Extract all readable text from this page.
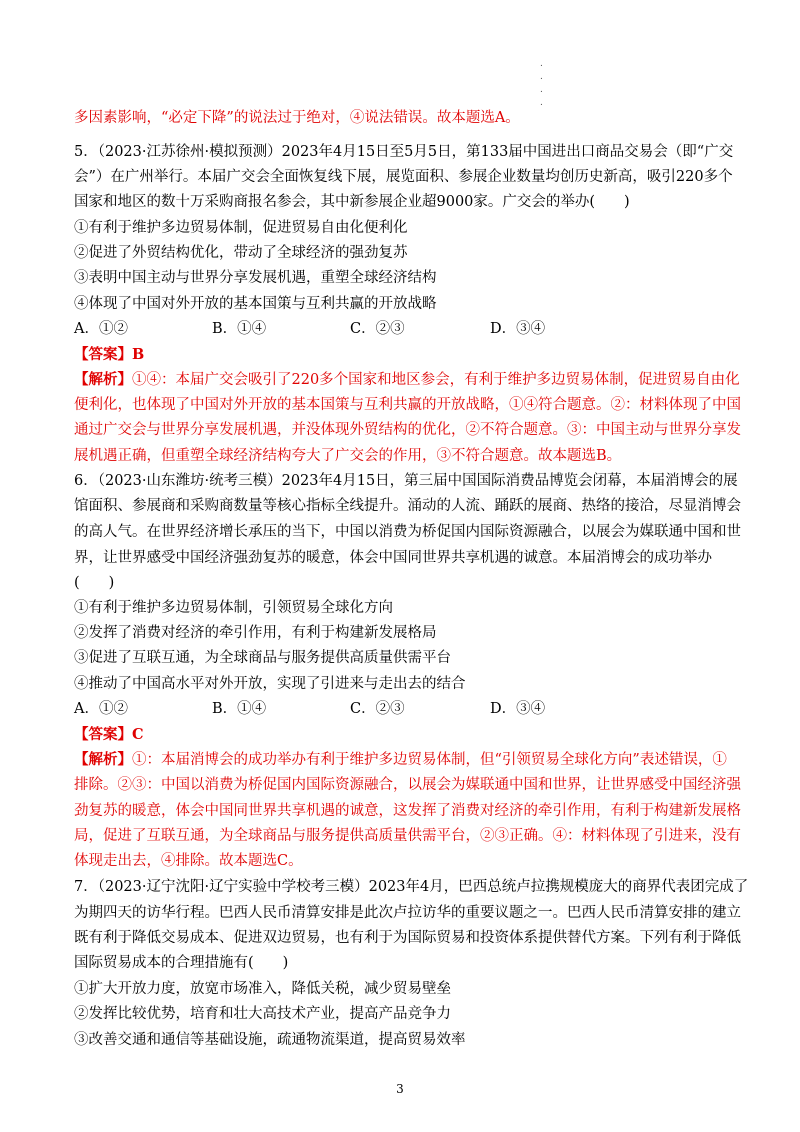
.
.
.
.
多因素影响，“必定下降”的说法过于绝对，④说法错误。故本题选A。
5．（2023·江苏徐州·模拟预测）2023年4月15日至5月5日，第133届中国进出口商品交易会（即“广交
会”）在广州举行。本届广交会全面恢复线下展，展览面积、参展企业数量均创历史新高，吸引220多个
国家和地区的数十万采购商报名参会，其中新参展企业超9000家。广交会的举办(　　)
①有利于维护多边贸易体制，促进贸易自由化便利化
②促进了外贸结构优化，带动了全球经济的强劲复苏
③表明中国主动与世界分享发展机遇，重塑全球经济结构
④体现了中国对外开放的基本国策与互利共赢的开放战略
A．①②	B．①④	C．②③	D．③④
【答案】B
【解析】①④：本届广交会吸引了220多个国家和地区参会，有利于维护多边贸易体制，促进贸易自由化
便利化，也体现了中国对外开放的基本国策与互利共赢的开放战略，①④符合题意。②：材料体现了中国
通过广交会与世界分享发展机遇，并没体现外贸结构的优化，②不符合题意。③：中国主动与世界分享发
展机遇正确，但重塑全球经济结构夸大了广交会的作用，③不符合题意。故本题选B。
6．（2023·山东潍坊·统考三模）2023年4月15日，第三届中国国际消费品博览会闭幕，本届消博会的展
馆面积、参展商和采购商数量等核心指标全线提升。涌动的人流、踊跃的展商、热络的接洽，尽显消博会
的高人气。在世界经济增长承压的当下，中国以消费为桥促国内国际资源融合，以展会为媒联通中国和世
界，让世界感受中国经济强劲复苏的暖意，体会中国同世界共享机遇的诚意。本届消博会的成功举办
(　　)
①有利于维护多边贸易体制，引领贸易全球化方向
②发挥了消费对经济的牵引作用，有利于构建新发展格局
③促进了互联互通，为全球商品与服务提供高质量供需平台
④推动了中国高水平对外开放，实现了引进来与走出去的结合
A．①②	B．①④	C．②③	D．③④
【答案】C
【解析】①：本届消博会的成功举办有利于维护多边贸易体制，但“引领贸易全球化方向”表述错误，①
排除。②③：中国以消费为桥促国内国际资源融合，以展会为媒联通中国和世界，让世界感受中国经济强
劲复苏的暖意，体会中国同世界共享机遇的诚意，这发挥了消费对经济的牵引作用，有利于构建新发展格
局，促进了互联互通，为全球商品与服务提供高质量供需平台，②③正确。④：材料体现了引进来，没有
体现走出去，④排除。故本题选C。
7．（2023·辽宁沈阳·辽宁实验中学校考三模）2023年4月，巴西总统卢拉携规模庞大的商界代表团完成了
为期四天的访华行程。巴西人民币清算安排是此次卢拉访华的重要议题之一。巴西人民币清算安排的建立
既有利于降低交易成本、促进双边贸易，也有利于为国际贸易和投资体系提供替代方案。下列有利于降低
国际贸易成本的合理措施有(　　)
①扩大开放力度，放宽市场准入，降低关税，减少贸易壁垒
②发挥比较优势，培育和壮大高技术产业，提高产品竞争力
③改善交通和通信等基础设施，疏通物流渠道，提高贸易效率
3
